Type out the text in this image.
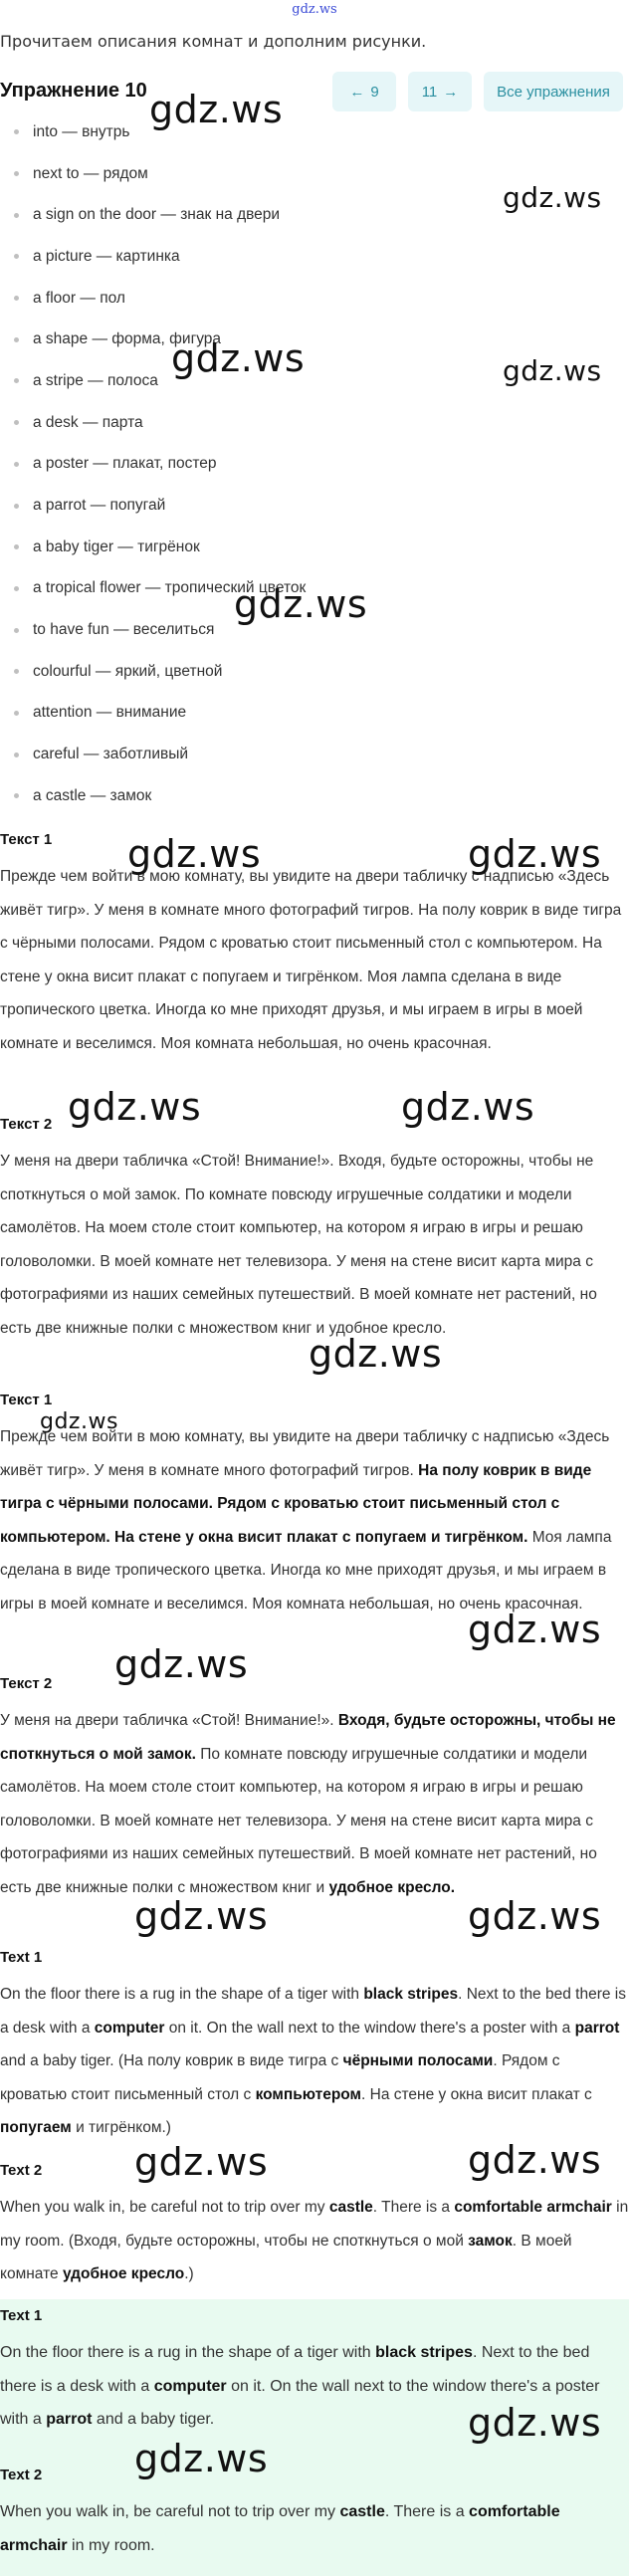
gdz.ws
Прочитаем описания комнат и дополним рисунки.
Упражнение 10	← 9	11 →	Все упражнения
into — внутрь
next to — рядом
a sign on the door — знак на двери
a picture — картинка
a floor — пол
a shape — форма, фигура
a stripe — полоса
a desk — парта
a poster — плакат, постер
a parrot — попугай
a baby tiger — тигрёнок
a tropical flower — тропический цветок
to have fun — веселиться
colourful — яркий, цветной
attention — внимание
careful — заботливый
a castle — замок
Текст 1

Прежде чем войти в мою комнату, вы увидите на двери табличку с надписью «Здесь живёт тигр». У меня в комнате много фотографий тигров. На полу коврик в виде тигра с чёрными полосами. Рядом с кроватью стоит письменный стол с компьютером. На стене у окна висит плакат с попугаем и тигрёнком. Моя лампа сделана в виде тропического цветка. Иногда ко мне приходят друзья, и мы играем в игры в моей комнате и веселимся. Моя комната небольшая, но очень красочная.

Текст 2

У меня на двери табличка «Стой! Внимание!». Входя, будьте осторожны, чтобы не споткнуться о мой замок. По комнате повсюду игрушечные солдатики и модели самолётов. На моем столе стоит компьютер, на котором я играю в игры и решаю головоломки. В моей комнате нет телевизора. У меня на стене висит карта мира с фотографиями из наших семейных путешествий. В моей комнате нет растений, но есть две книжные полки с множеством книг и удобное кресло.

Текст 1

Прежде чем войти в мою комнату, вы увидите на двери табличку с надписью «Здесь живёт тигр». У меня в комнате много фотографий тигров. На полу коврик в виде тигра с чёрными полосами. Рядом с кроватью стоит письменный стол с компьютером. На стене у окна висит плакат с попугаем и тигрёнком. Моя лампа сделана в виде тропического цветка. Иногда ко мне приходят друзья, и мы играем в игры в моей комнате и веселимся. Моя комната небольшая, но очень красочная.

Текст 2

У меня на двери табличка «Стой! Внимание!». Входя, будьте осторожны, чтобы не споткнуться о мой замок. По комнате повсюду игрушечные солдатики и модели самолётов. На моем столе стоит компьютер, на котором я играю в игры и решаю головоломки. В моей комнате нет телевизора. У меня на стене висит карта мира с фотографиями из наших семейных путешествий. В моей комнате нет растений, но есть две книжные полки с множеством книг и удобное кресло.

Text 1

On the floor there is a rug in the shape of a tiger with black stripes. Next to the bed there is a desk with a computer on it. On the wall next to the window there's a poster with a parrot and a baby tiger. (На полу коврик в виде тигра с чёрными полосами. Рядом с кроватью стоит письменный стол с компьютером. На стене у окна висит плакат с попугаем и тигрёнком.)

Text 2

When you walk in, be careful not to trip over my castle. There is a comfortable armchair in my room. (Входя, будьте осторожны, чтобы не споткнуться о мой замок. В моей комнате удобное кресло.)

Text 1

On the floor there is a rug in the shape of a tiger with black stripes. Next to the bed there is a desk with a computer on it. On the wall next to the window there's a poster with a parrot and a baby tiger.

Text 2

When you walk in, be careful not to trip over my castle. There is a comfortable armchair in my room.

gdz.ws
gdz.ws
gdz.ws	gdz.ws
gdz.ws
gdz.ws	gdz.ws
gdz.ws	gdz.ws
gdz.ws
gdz.ws
gdz.ws
gdz.ws
gdz.ws	gdz.ws
gdz.ws	gdz.ws
gdz.ws
gdz.ws
